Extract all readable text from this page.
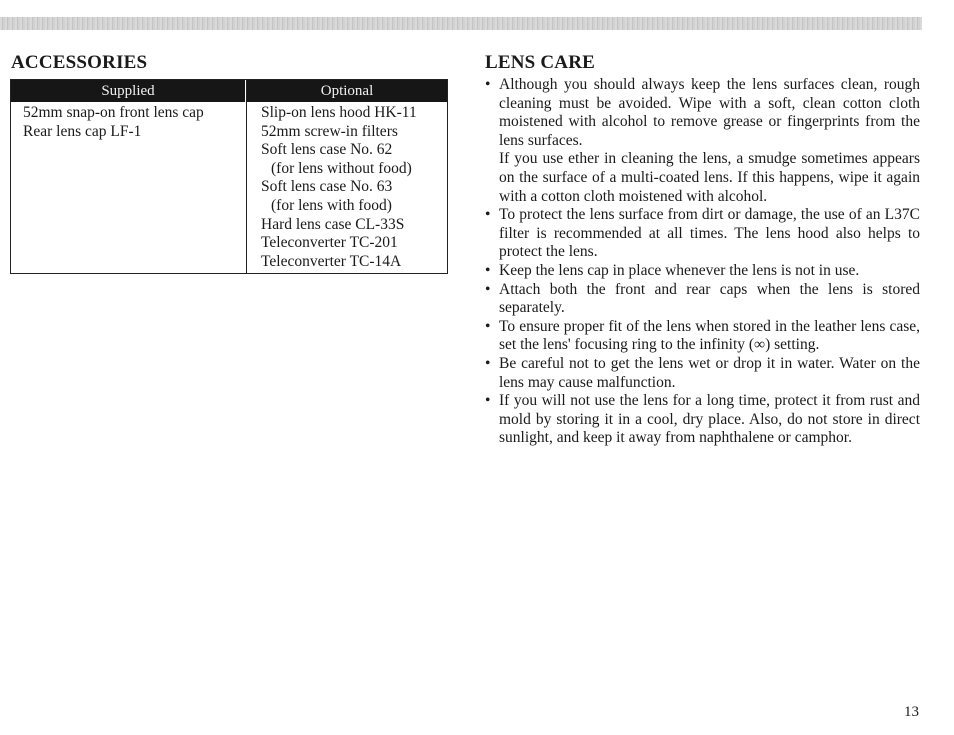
ACCESSORIES
Supplied
52mm snap-on front lens cap
Rear lens cap LF-1
Optional
Slip-on lens hood HK-11
52mm screw-in filters
Soft lens case No. 62
(for lens without food)
Soft lens case No. 63
(for lens with food)
Hard lens case CL-33S
Teleconverter TC-201
Teleconverter TC-14A
LENS CARE
• Although you should always keep the lens surfaces clean, rough cleaning must be avoided. Wipe with a soft, clean cotton cloth moistened with alcohol to remove grease or fingerprints from the lens surfaces.

If you use ether in cleaning the lens, a smudge sometimes appears on the surface of a multi-coated lens. If this happens, wipe it again with a cotton cloth moistened with alcohol.

• To protect the lens surface from dirt or damage, the use of an L37C filter is recommended at all times. The lens hood also helps to protect the lens.

• Keep the lens cap in place whenever the lens is not in use.

• Attach both the front and rear caps when the lens is stored separately.

• To ensure proper fit of the lens when stored in the leather lens case, set the lens' focusing ring to the infinity (∞) setting.

• Be careful not to get the lens wet or drop it in water. Water on the lens may cause malfunction.

• If you will not use the lens for a long time, protect it from rust and mold by storing it in a cool, dry place. Also, do not store in direct sunlight, and keep it away from naphthalene or camphor.

13
